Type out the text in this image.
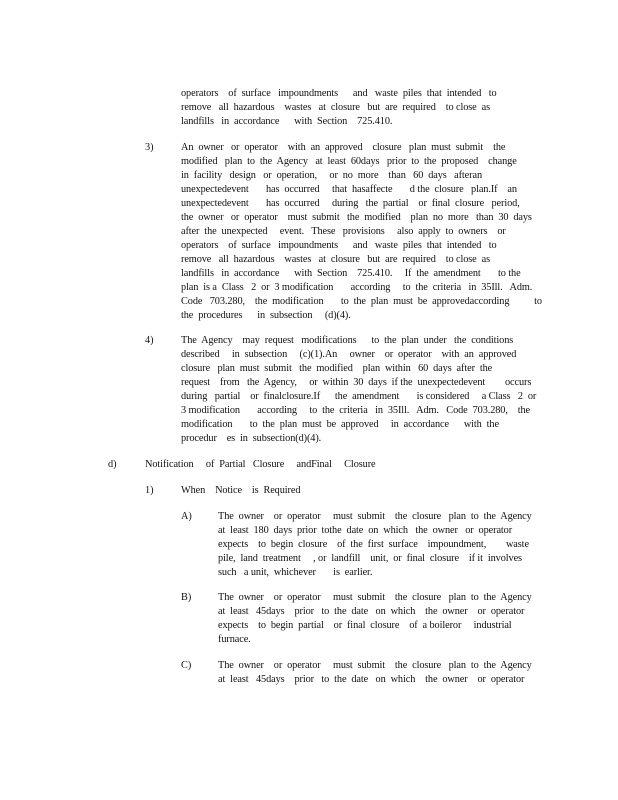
operators    of  surface   impoundments      and   waste  piles  that  intended   to
remove   all  hazardous    wastes   at  closure   but  are  required    to close  as
landfills   in  accordance      with  Section    725.410.
3)	An  owner   or  operator    with  an  approved    closure   plan  must  submit    the
modified   plan  to  the  Agency   at  least  60days   prior  to  the  proposed    change
in  facility   design   or  operation,     or  no  more    than   60  days   afteran
unexpectedevent       has  occurred     that  hasaffecte       d the  closure   plan.If    an
unexpectedevent       has  occurred     during   the  partial    or  final  closure   period,
the  owner   or  operator    must  submit   the  modified    plan  no  more   than  30  days
after  the  unexpected     event.   These   provisions     also  apply  to  owners    or
operators    of  surface   impoundments      and   waste  piles  that  intended   to
remove   all  hazardous    wastes   at  closure   but  are  required    to close  as
landfills   in  accordance      with  Section    725.410.     If  the  amendment       to the
plan  is a  Class   2  or  3 modification       according     to  the  criteria   in  35Ill.   Adm.
Code   703.280,    the  modification       to  the  plan  must  be  approvedaccording          to
the  procedures      in  subsection     (d)(4).
4)	The  Agency    may  request   modifications      to  the  plan  under   the  conditions
described     in  subsection     (c)(1).An     owner    or  operator    with  an  approved
closure   plan  must  submit   the  modified    plan  within   60  days  after  the
request    from   the  Agency,     or  within  30  days  if the  unexpectedevent        occurs
during   partial    or  finalclosure.If      the  amendment       is considered     a Class   2  or
3 modification       according     to  the  criteria   in  35Ill.   Adm.   Code  703.280,    the
modification       to  the  plan  must  be  approved     in  accordance      with  the
procedur    es  in  subsection(d)(4).
d)	Notification     of  Partial   Closure     andFinal     Closure
1)	When    Notice    is  Required
A)	The  owner    or  operator     must  submit    the  closure   plan  to  the  Agency
at  least  180  days  prior  tothe  date  on  which   the  owner   or  operator
expects    to  begin  closure    of  the  first  surface    impoundment,        waste
pile,  land  treatment     , or  landfill    unit,  or  final  closure    if it  involves
such   a unit,  whichever       is  earlier.
B)	The  owner    or  operator     must  submit    the  closure   plan  to  the  Agency
at  least   45days    prior   to  the  date   on  which    the  owner    or  operator
expects    to  begin  partial    or  final  closure    of  a boileror     industrial
furnace.
C)	The  owner    or  operator     must  submit    the  closure   plan  to  the  Agency
at  least   45days    prior   to  the  date   on  which    the  owner    or  operator
